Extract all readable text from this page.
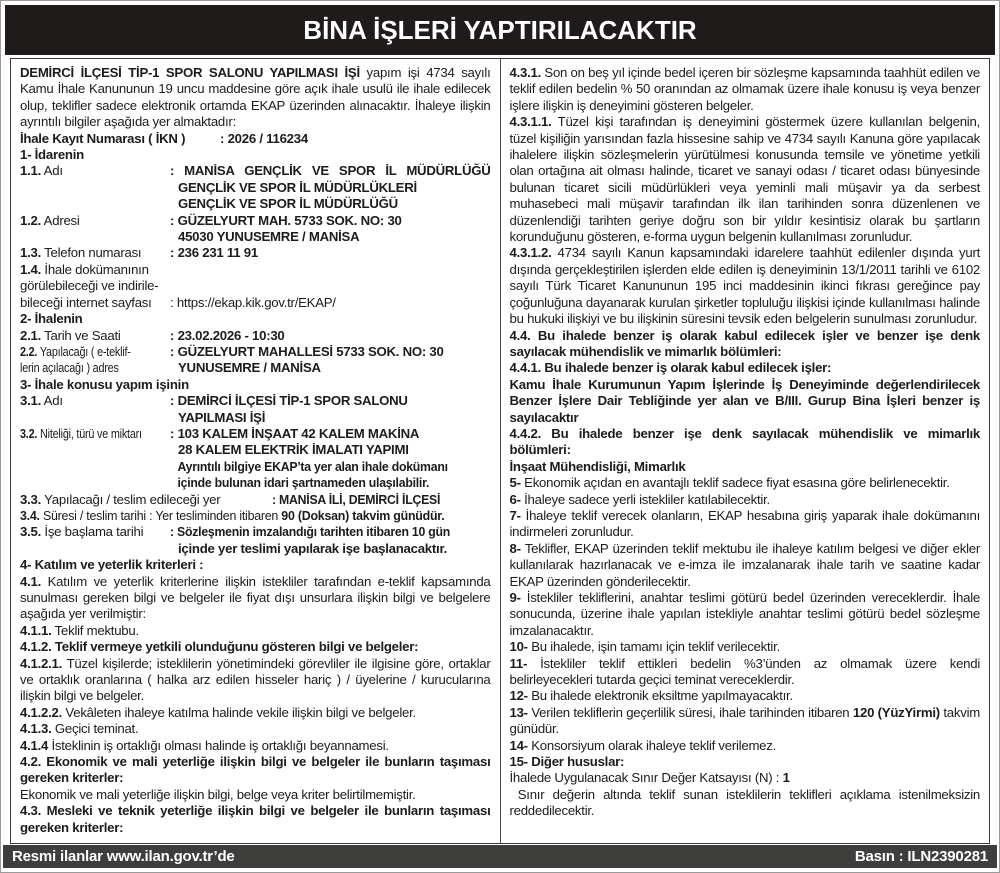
BİNA İŞLERİ YAPTIRILACAKTIR
DEMİRCİ İLÇESİ TİP-1 SPOR SALONU YAPILMASI İŞİ yapım işi 4734 sayılı Kamu İhale Kanununun 19 uncu maddesine göre açık ihale usulü ile ihale edilecek olup, teklifler sadece elektronik ortamda EKAP üzerinden alınacaktır. İhaleye ilişkin ayrıntılı bilgiler aşağıda yer almaktadır:
İhale Kayıt Numarası ( İKN )	: 2026 / 116234
1- İdarenin
1.1. Adı	: MANİSA GENÇLİK VE SPOR İL MÜDÜRLÜĞÜ
GENÇLİK VE SPOR İL MÜDÜRLÜKLERİ
GENÇLİK VE SPOR İL MÜDÜRLÜĞÜ
1.2. Adresi	: GÜZELYURT MAH. 5733 SOK. NO: 30
45030 YUNUSEMRE / MANİSA
1.3. Telefon numarası	: 236 231 11 91
1.4. İhale dokümanının
görülebileceği ve indirile-
bileceği internet sayfası	: https://ekap.kik.gov.tr/EKAP/
2- İhalenin
2.1. Tarih ve Saati	: 23.02.2026 - 10:30
2.2. Yapılacağı ( e-teklif-
lerin açılacağı ) adres
: GÜZELYURT MAHALLESİ 5733 SOK. NO: 30
YUNUSEMRE / MANİSA
3- İhale konusu yapım işinin
3.1. Adı	: DEMİRCİ İLÇESİ TİP-1 SPOR SALONU
YAPILMASI İŞİ
3.2. Niteliği, türü ve miktarı : 103 KALEM İNŞAAT 42 KALEM MAKİNA
28 KALEM ELEKTRİK İMALATI YAPIMI
Ayrıntılı bilgiye EKAP’ta yer alan ihale dokümanı
içinde bulunan idari şartnameden ulaşılabilir.
3.3. Yapılacağı / teslim edileceği yer	: MANİSA İLİ, DEMİRCİ İLÇESİ
3.4. Süresi / teslim tarihi : Yer tesliminden itibaren 90 (Doksan) takvim günüdür.
3.5. İşe başlama tarihi	: Sözleşmenin imzalandığı tarihten itibaren 10 gün
içinde yer teslimi yapılarak işe başlanacaktır.
4- Katılım ve yeterlik kriterleri :
4.1. Katılım ve yeterlik kriterlerine ilişkin istekliler tarafından e-teklif kapsamında sunulması gereken bilgi ve belgeler ile fiyat dışı unsurlara ilişkin bilgi ve belgelere aşağıda yer verilmiştir:
4.1.1. Teklif mektubu.
4.1.2. Teklif vermeye yetkili olunduğunu gösteren bilgi ve belgeler:
4.1.2.1. Tüzel kişilerde; isteklilerin yönetimindeki görevliler ile ilgisine göre, ortaklar ve ortaklık oranlarına ( halka arz edilen hisseler hariç ) / üyelerine / kurucularına ilişkin bilgi ve belgeler.
4.1.2.2. Vekâleten ihaleye katılma halinde vekile ilişkin bilgi ve belgeler.
4.1.3. Geçici teminat.
4.1.4 İsteklinin iş ortaklığı olması halinde iş ortaklığı beyannamesi.
4.2. Ekonomik ve mali yeterliğe ilişkin bilgi ve belgeler ile bunların taşıması gereken kriterler:
Ekonomik ve mali yeterliğe ilişkin bilgi, belge veya kriter belirtilmemiştir.
4.3. Mesleki ve teknik yeterliğe ilişkin bilgi ve belgeler ile bunların taşıması gereken kriterler:
4.3.1. Son on beş yıl içinde bedel içeren bir sözleşme kapsamında taahhüt edilen ve teklif edilen bedelin % 50 oranından az olmamak üzere ihale konusu iş veya benzer işlere ilişkin iş deneyimini gösteren belgeler.
4.3.1.1. Tüzel kişi tarafından iş deneyimini göstermek üzere kullanılan belgenin, tüzel kişiliğin yarısından fazla hissesine sahip ve 4734 sayılı Kanuna göre yapılacak ihalelere ilişkin sözleşmelerin yürütülmesi konusunda temsile ve yönetime yetkili olan ortağına ait olması halinde, ticaret ve sanayi odası / ticaret odası bünyesinde bulunan ticaret sicili müdürlükleri veya yeminli mali müşavir ya da serbest muhasebeci mali müşavir tarafından ilk ilan tarihinden sonra düzenlenen ve düzenlendiği tarihten geriye doğru son bir yıldır kesintisiz olarak bu şartların korunduğunu gösteren, e-forma uygun belgenin kullanılması zorunludur.
4.3.1.2. 4734 sayılı Kanun kapsamındaki idarelere taahhüt edilenler dışında yurt dışında gerçekleştirilen işlerden elde edilen iş deneyiminin 13/1/2011 tarihli ve 6102 sayılı Türk Ticaret Kanununun 195 inci maddesinin ikinci fıkrası gereğince pay çoğunluğuna dayanarak kurulan şirketler topluluğu ilişkisi içinde kullanılması halinde bu hukuki ilişkiyi ve bu ilişkinin süresini tevsik eden belgelerin sunulması zorunludur.
4.4. Bu ihalede benzer iş olarak kabul edilecek işler ve benzer işe denk sayılacak mühendislik ve mimarlık bölümleri:
4.4.1. Bu ihalede benzer iş olarak kabul edilecek işler:
Kamu İhale Kurumunun Yapım İşlerinde İş Deneyiminde değerlendirilecek Benzer İşlere Dair Tebliğinde yer alan ve B/III. Gurup Bina İşleri benzer iş sayılacaktır
4.4.2. Bu ihalede benzer işe denk sayılacak mühendislik ve mimarlık bölümleri:
İnşaat Mühendisliği, Mimarlık
5- Ekonomik açıdan en avantajlı teklif sadece fiyat esasına göre belirlenecektir.
6- İhaleye sadece yerli istekliler katılabilecektir.
7- İhaleye teklif verecek olanların, EKAP hesabına giriş yaparak ihale dokümanını indirmeleri zorunludur.
8- Teklifler, EKAP üzerinden teklif mektubu ile ihaleye katılım belgesi ve diğer ekler kullanılarak hazırlanacak ve e-imza ile imzalanarak ihale tarih ve saatine kadar EKAP üzerinden gönderilecektir.
9- İstekliler tekliflerini, anahtar teslimi götürü bedel üzerinden vereceklerdir. İhale sonucunda, üzerine ihale yapılan istekliyle anahtar teslimi götürü bedel sözleşme imzalanacaktır.
10- Bu ihalede, işin tamamı için teklif verilecektir.
11- İstekliler teklif ettikleri bedelin %3’ünden az olmamak üzere kendi belirleyecekleri tutarda geçici teminat vereceklerdir.
12- Bu ihalede elektronik eksiltme yapılmayacaktır.
13- Verilen tekliflerin geçerlilik süresi, ihale tarihinden itibaren 120 (YüzYirmi) takvim günüdür.
14- Konsorsiyum olarak ihaleye teklif verilemez.
15- Diğer hususlar:
İhalede Uygulanacak Sınır Değer Katsayısı (N) : 1
Sınır değerin altında teklif sunan isteklilerin teklifleri açıklama istenilmeksizin reddedilecektir.
Resmi ilanlar www.ilan.gov.tr’de	Basın : ILN2390281
